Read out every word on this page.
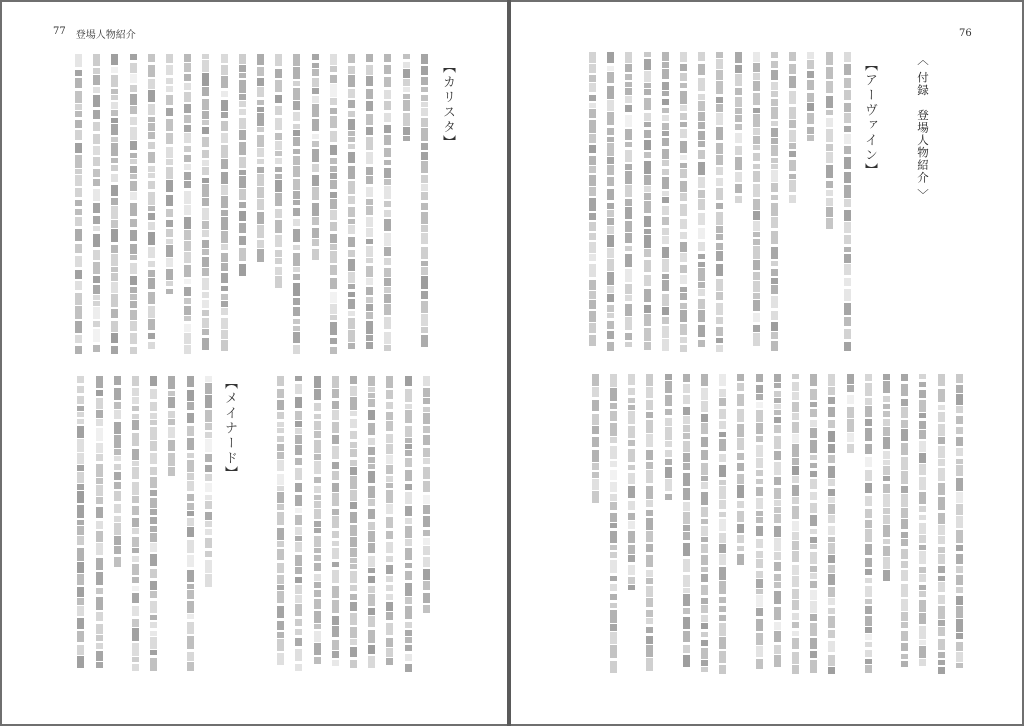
77 登場人物紹介
【カリスタ】
【メイナード】
76
〈 付録　登場人物紹介 〉
【アーヴァイン】
